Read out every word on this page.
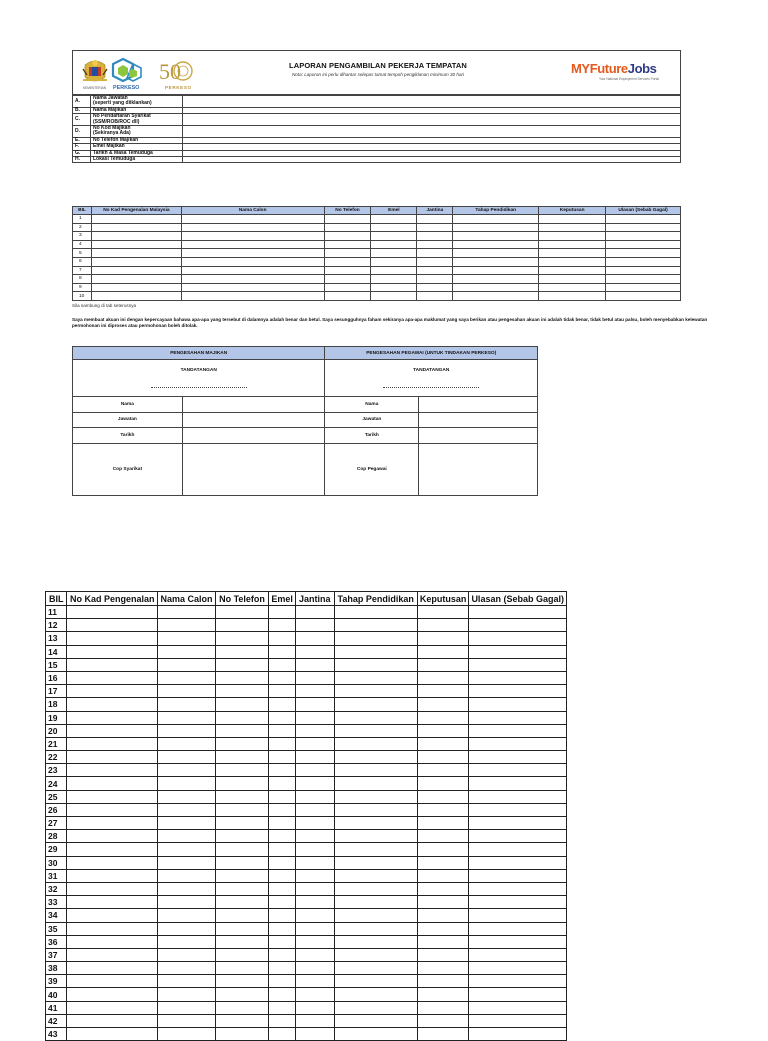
KEMENTERIAN PERKESO
50
PERKESO
LAPORAN PENGAMBILAN PEKERJA TEMPATAN
Nota: Laporan ini perlu dihantar selepas tamat tempoh pengiklanan minimum 30 hari	MYFutureJobs
Your National Employment Services Portal
A.	Nama Jawatan
(seperti yang diiklankan)	

B.	Nama Majikan	

C.	No Pendaftaran Syarikat
(SSM/ROB/ROC dll)	

D.	No Kod Majikan
(Sekiranya Ada)	

E.	No Telefon Majikan	

F.	Emel Majikan	

G.	Tarikh & Masa Temuduga	

H.	Lokasi Temuduga	

BIL	No Kad Pengenalan Malaysia	Nama Calon	No Telefon	Emel	Jantina	Tahap Pendidikan	Keputusan	Ulasan (Sebab Gagal)
1								
2								
3								
4								
5								
6								
7								
8								
9								
10								
Sila sambung di tab seterusnya
Saya membuat akuan ini dengan kepercayaan bahawa apa-apa yang tersebut di dalamnya adalah benar dan betul. Saya sesungguhnya faham sekiranya apa-apa maklumat yang saya berikan atau pengesahan akuan ini adalah tidak benar, tidak betul atau palsu, boleh menyebabkan kelewatan permohonan ini diproses atau permohonan boleh ditolak.
PENGESAHAN MAJIKAN		PENGESAHAN PEGAWAI (UNTUK TINDAKAN PERKESO)	

TANDATANGAN		TANDATANGAN	

Nama		Nama	
Jawatan		Jawatan	
Tarikh		Tarikh	
Cop Syarikat		Cop Pegawai	
BIL	No Kad Pengenalan	Nama Calon	No Telefon	Emel	Jantina	Tahap Pendidikan	Keputusan	Ulasan (Sebab Gagal)
11								
12								
13								
14								
15								
16								
17								
18								
19								
20								
21								
22								
23								
24								
25								
26								
27								
28								
29								
30								
31								
32								
33								
34								
35								
36								
37								
38								
39								
40								
41								
42								
43								
